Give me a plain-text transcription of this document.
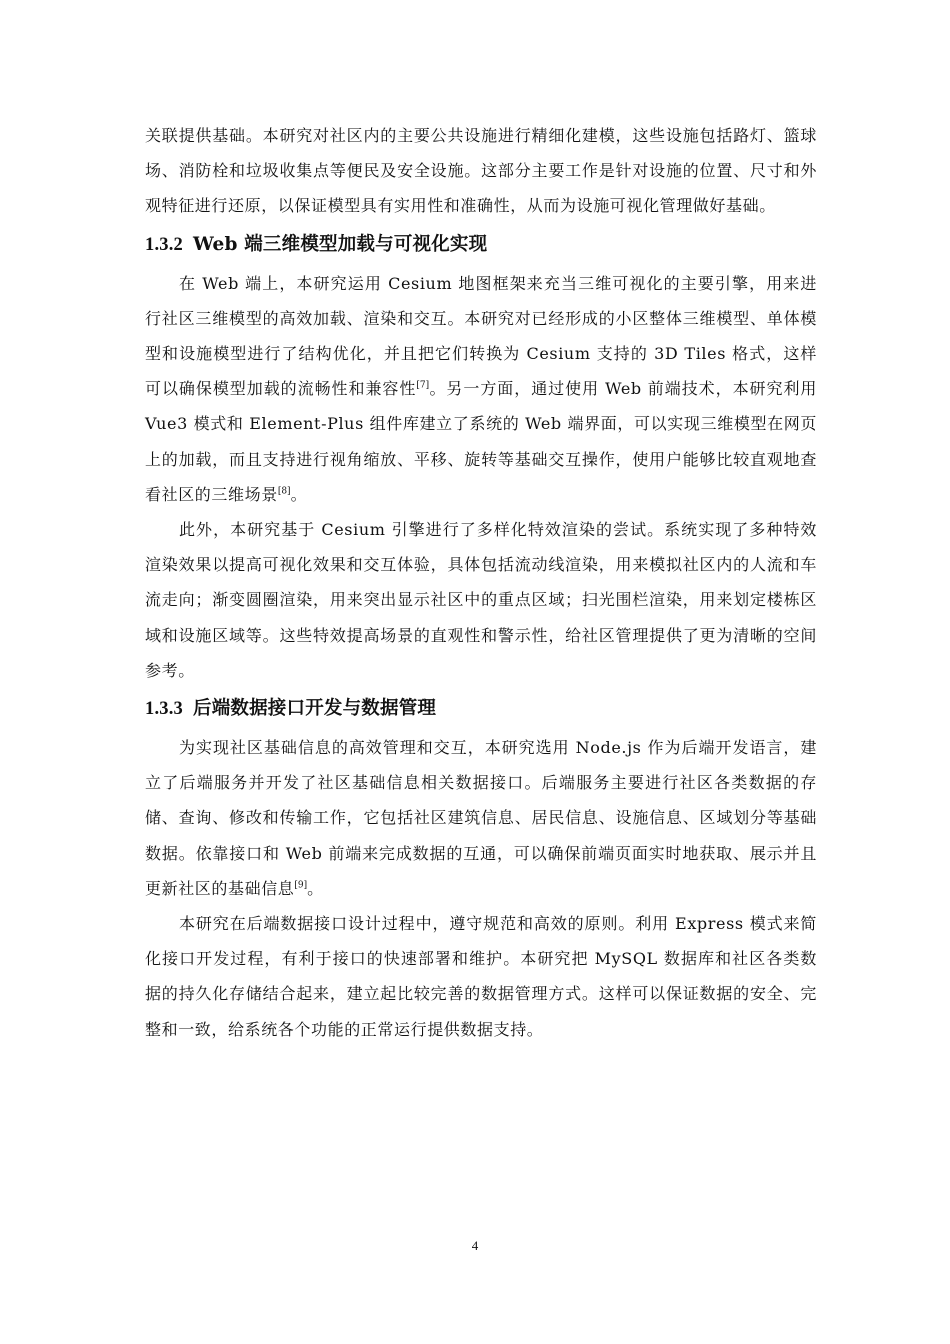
关联提供基础。本研究对社区内的主要公共设施进行精细化建模，这些设施包括路灯、篮球场、消防栓和垃圾收集点等便民及安全设施。这部分主要工作是针对设施的位置、尺寸和外观特征进行还原，以保证模型具有实用性和准确性，从而为设施可视化管理做好基础。

1.3.2 Web 端三维模型加载与可视化实现

在 Web 端上，本研究运用 Cesium 地图框架来充当三维可视化的主要引擎，用来进行社区三维模型的高效加载、渲染和交互。本研究对已经形成的小区整体三维模型、单体模型和设施模型进行了结构优化，并且把它们转换为 Cesium 支持的 3D Tiles 格式，这样可以确保模型加载的流畅性和兼容性[7]。另一方面，通过使用 Web 前端技术，本研究利用 Vue3 模式和 Element-Plus 组件库建立了系统的 Web 端界面，可以实现三维模型在网页上的加载，而且支持进行视角缩放、平移、旋转等基础交互操作，使用户能够比较直观地查看社区的三维场景[8]。

此外，本研究基于 Cesium 引擎进行了多样化特效渲染的尝试。系统实现了多种特效渲染效果以提高可视化效果和交互体验，具体包括流动线渲染，用来模拟社区内的人流和车流走向；渐变圆圈渲染，用来突出显示社区中的重点区域；扫光围栏渲染，用来划定楼栋区域和设施区域等。这些特效提高场景的直观性和警示性，给社区管理提供了更为清晰的空间参考。

1.3.3 后端数据接口开发与数据管理

为实现社区基础信息的高效管理和交互，本研究选用 Node.js 作为后端开发语言，建立了后端服务并开发了社区基础信息相关数据接口。后端服务主要进行社区各类数据的存储、查询、修改和传输工作，它包括社区建筑信息、居民信息、设施信息、区域划分等基础数据。依靠接口和 Web 前端来完成数据的互通，可以确保前端页面实时地获取、展示并且更新社区的基础信息[9]。

本研究在后端数据接口设计过程中，遵守规范和高效的原则。利用 Express 模式来简化接口开发过程，有利于接口的快速部署和维护。本研究把 MySQL 数据库和社区各类数据的持久化存储结合起来，建立起比较完善的数据管理方式。这样可以保证数据的安全、完整和一致，给系统各个功能的正常运行提供数据支持。

4
